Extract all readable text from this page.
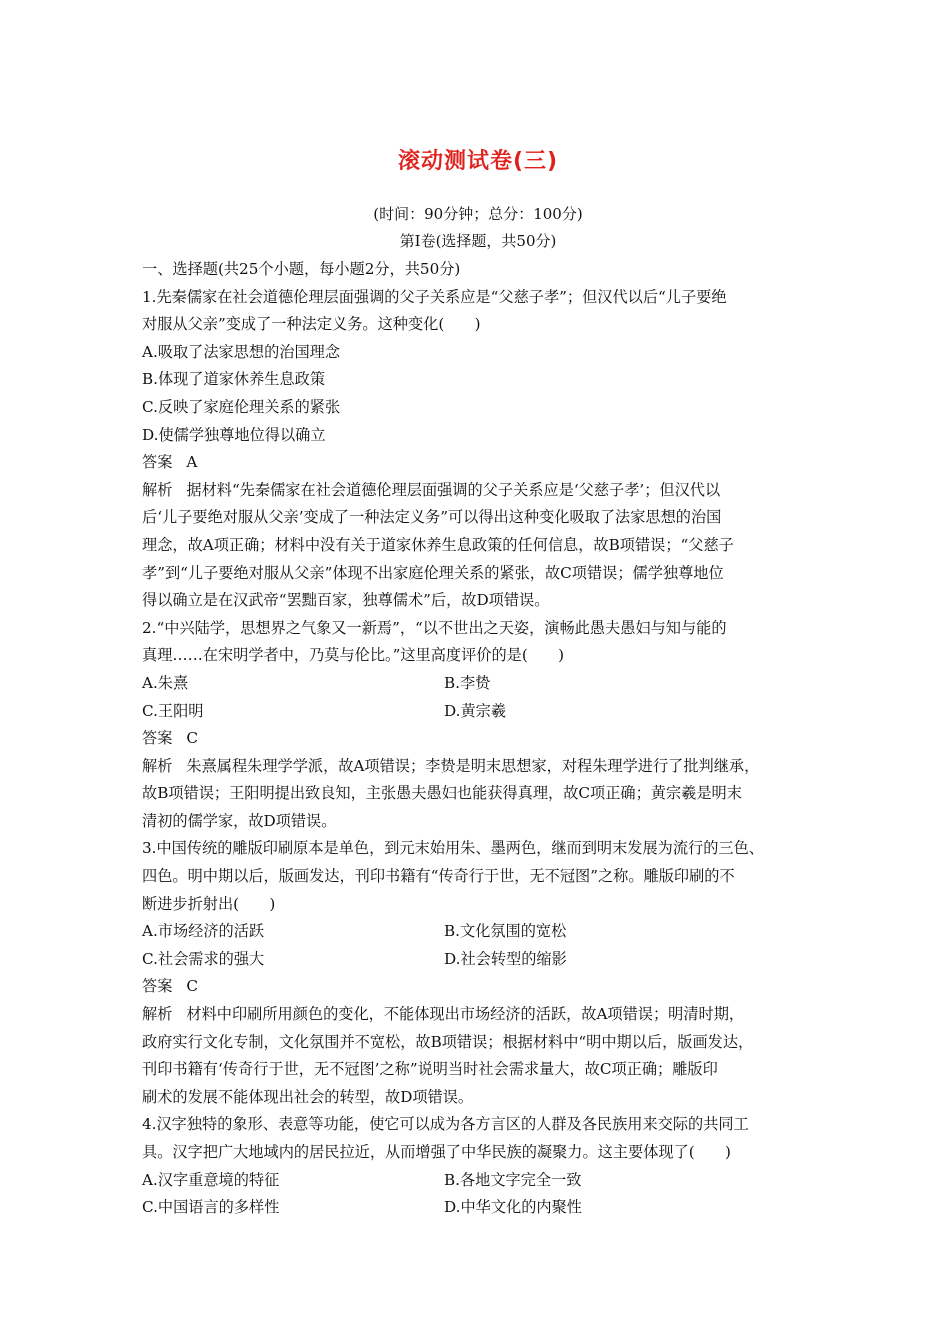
滚动测试卷(三)
(时间：90分钟；总分：100分)
第Ⅰ卷(选择题，共50分)
一、选择题(共25个小题，每小题2分，共50分)
1.先秦儒家在社会道德伦理层面强调的父子关系应是“父慈子孝”；但汉代以后“儿子要绝
对服从父亲”变成了一种法定义务。这种变化(　　)
A.吸取了法家思想的治国理念
B.体现了道家休养生息政策
C.反映了家庭伦理关系的紧张
D.使儒学独尊地位得以确立
答案 A
解析 据材料“先秦儒家在社会道德伦理层面强调的父子关系应是‘父慈子孝’；但汉代以
后‘儿子要绝对服从父亲’变成了一种法定义务”可以得出这种变化吸取了法家思想的治国
理念，故A项正确；材料中没有关于道家休养生息政策的任何信息，故B项错误；“父慈子
孝”到“儿子要绝对服从父亲”体现不出家庭伦理关系的紧张，故C项错误；儒学独尊地位
得以确立是在汉武帝“罢黜百家，独尊儒术”后，故D项错误。
2.“中兴陆学，思想界之气象又一新焉”，“以不世出之天姿，演畅此愚夫愚妇与知与能的
真理……在宋明学者中，乃莫与伦比。”这里高度评价的是(　　)
A.朱熹	B.李贽
C.王阳明	D.黄宗羲
答案 C
解析 朱熹属程朱理学学派，故A项错误；李贽是明末思想家，对程朱理学进行了批判继承，
故B项错误；王阳明提出致良知，主张愚夫愚妇也能获得真理，故C项正确；黄宗羲是明末
清初的儒学家，故D项错误。
3.中国传统的雕版印刷原本是单色，到元末始用朱、墨两色，继而到明末发展为流行的三色、
四色。明中期以后，版画发达，刊印书籍有“传奇行于世，无不冠图”之称。雕版印刷的不
断进步折射出(　　)
A.市场经济的活跃	B.文化氛围的宽松
C.社会需求的强大	D.社会转型的缩影
答案 C
解析 材料中印刷所用颜色的变化，不能体现出市场经济的活跃，故A项错误；明清时期，
政府实行文化专制，文化氛围并不宽松，故B项错误；根据材料中“明中期以后，版画发达，
刊印书籍有‘传奇行于世，无不冠图’之称”说明当时社会需求量大，故C项正确；雕版印
刷术的发展不能体现出社会的转型，故D项错误。
4.汉字独特的象形、表意等功能，使它可以成为各方言区的人群及各民族用来交际的共同工
具。汉字把广大地域内的居民拉近，从而增强了中华民族的凝聚力。这主要体现了(　　)
A.汉字重意境的特征	B.各地文字完全一致
C.中国语言的多样性	D.中华文化的内聚性
